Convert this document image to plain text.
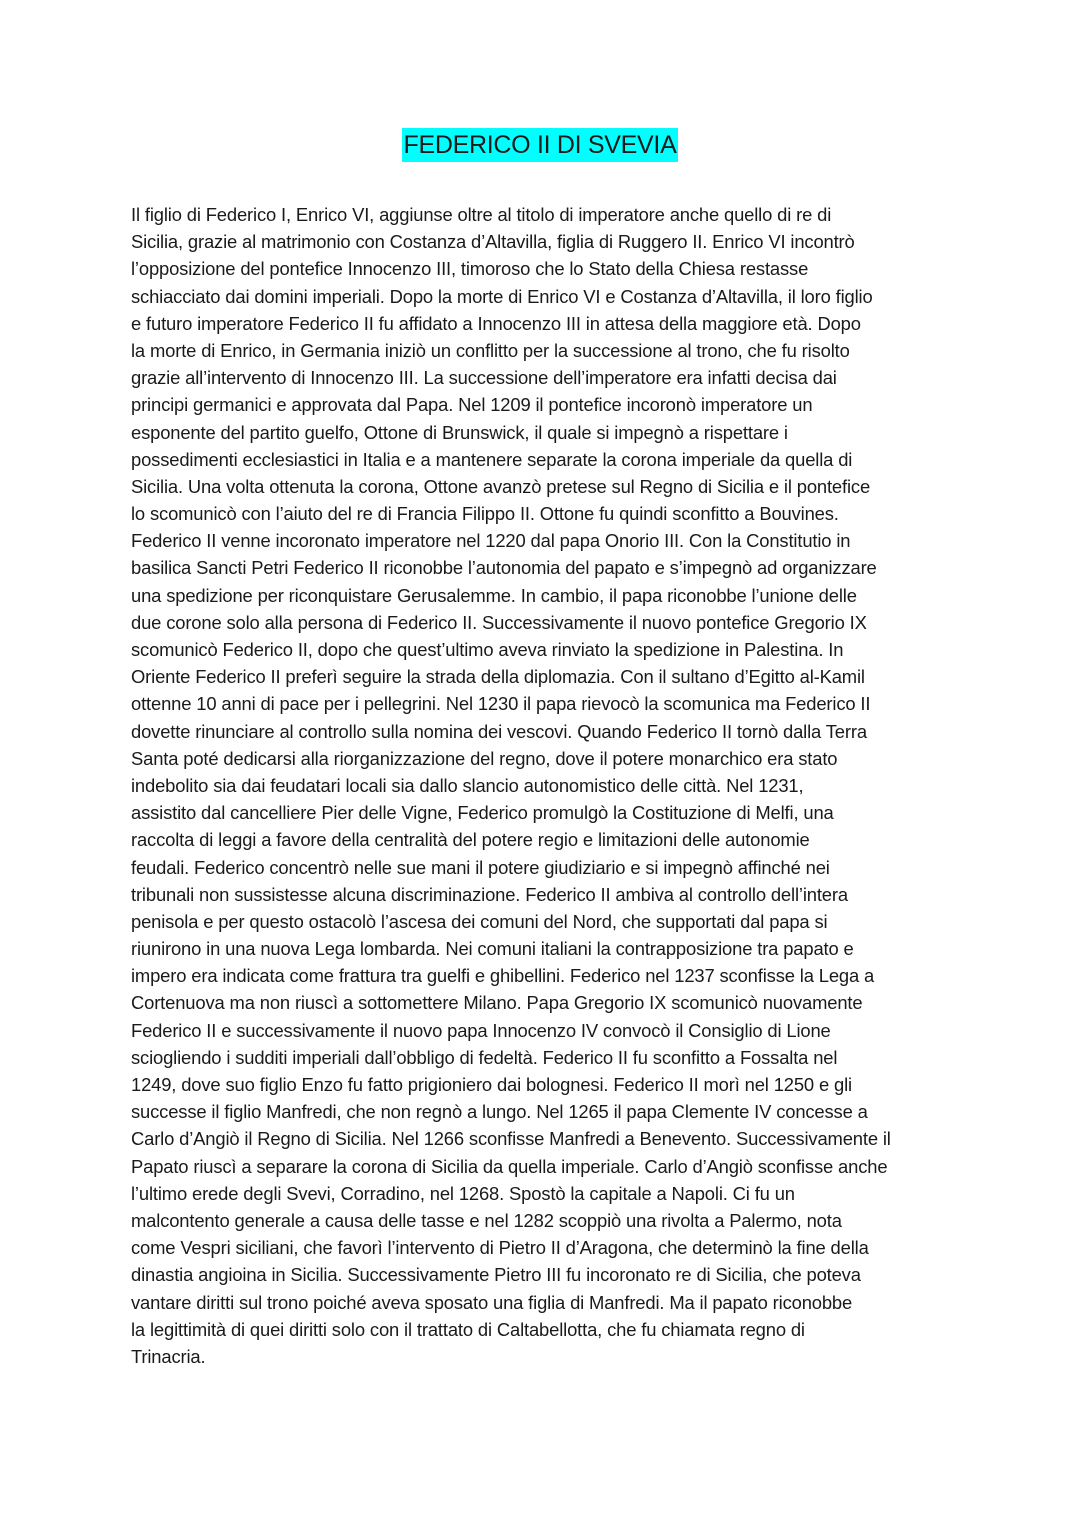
FEDERICO II DI SVEVIA
Il figlio di Federico I, Enrico VI, aggiunse oltre al titolo di imperatore anche quello di re di
Sicilia, grazie al matrimonio con Costanza d’Altavilla, figlia di Ruggero II. Enrico VI incontrò
l’opposizione del pontefice Innocenzo III, timoroso che lo Stato della Chiesa restasse
schiacciato dai domini imperiali. Dopo la morte di Enrico VI e Costanza d’Altavilla, il loro figlio
e futuro imperatore Federico II fu affidato a Innocenzo III in attesa della maggiore età. Dopo
la morte di Enrico, in Germania iniziò un conflitto per la successione al trono, che fu risolto
grazie all’intervento di Innocenzo III. La successione dell’imperatore era infatti decisa dai
principi germanici e approvata dal Papa. Nel 1209 il pontefice incoronò imperatore un
esponente del partito guelfo, Ottone di Brunswick, il quale si impegnò a rispettare i
possedimenti ecclesiastici in Italia e a mantenere separate la corona imperiale da quella di
Sicilia. Una volta ottenuta la corona, Ottone avanzò pretese sul Regno di Sicilia e il pontefice
lo scomunicò con l’aiuto del re di Francia Filippo II. Ottone fu quindi sconfitto a Bouvines.
Federico II venne incoronato imperatore nel 1220 dal papa Onorio III. Con la Constitutio in
basilica Sancti Petri Federico II riconobbe l’autonomia del papato e s’impegnò ad organizzare
una spedizione per riconquistare Gerusalemme. In cambio, il papa riconobbe l’unione delle
due corone solo alla persona di Federico II. Successivamente il nuovo pontefice Gregorio IX
scomunicò Federico II, dopo che quest’ultimo aveva rinviato la spedizione in Palestina. In
Oriente Federico II preferì seguire la strada della diplomazia. Con il sultano d’Egitto al-Kamil
ottenne 10 anni di pace per i pellegrini. Nel 1230 il papa rievocò la scomunica ma Federico II
dovette rinunciare al controllo sulla nomina dei vescovi. Quando Federico II tornò dalla Terra
Santa poté dedicarsi alla riorganizzazione del regno, dove il potere monarchico era stato
indebolito sia dai feudatari locali sia dallo slancio autonomistico delle città. Nel 1231,
assistito dal cancelliere Pier delle Vigne, Federico promulgò la Costituzione di Melfi, una
raccolta di leggi a favore della centralità del potere regio e limitazioni delle autonomie
feudali. Federico concentrò nelle sue mani il potere giudiziario e si impegnò affinché nei
tribunali non sussistesse alcuna discriminazione. Federico II ambiva al controllo dell’intera
penisola e per questo ostacolò l’ascesa dei comuni del Nord, che supportati dal papa si
riunirono in una nuova Lega lombarda. Nei comuni italiani la contrapposizione tra papato e
impero era indicata come frattura tra guelfi e ghibellini. Federico nel 1237 sconfisse la Lega a
Cortenuova ma non riuscì a sottomettere Milano. Papa Gregorio IX scomunicò nuovamente
Federico II e successivamente il nuovo papa Innocenzo IV convocò il Consiglio di Lione
sciogliendo i sudditi imperiali dall’obbligo di fedeltà. Federico II fu sconfitto a Fossalta nel
1249, dove suo figlio Enzo fu fatto prigioniero dai bolognesi. Federico II morì nel 1250 e gli
successe il figlio Manfredi, che non regnò a lungo. Nel 1265 il papa Clemente IV concesse a
Carlo d’Angiò il Regno di Sicilia. Nel 1266 sconfisse Manfredi a Benevento. Successivamente il
Papato riuscì a separare la corona di Sicilia da quella imperiale. Carlo d’Angiò sconfisse anche
l’ultimo erede degli Svevi, Corradino, nel 1268. Spostò la capitale a Napoli. Ci fu un
malcontento generale a causa delle tasse e nel 1282 scoppiò una rivolta a Palermo, nota
come Vespri siciliani, che favorì l’intervento di Pietro II d’Aragona, che determinò la fine della
dinastia angioina in Sicilia. Successivamente Pietro III fu incoronato re di Sicilia, che poteva
vantare diritti sul trono poiché aveva sposato una figlia di Manfredi. Ma il papato riconobbe
la legittimità di quei diritti solo con il trattato di Caltabellotta, che fu chiamata regno di
Trinacria.
